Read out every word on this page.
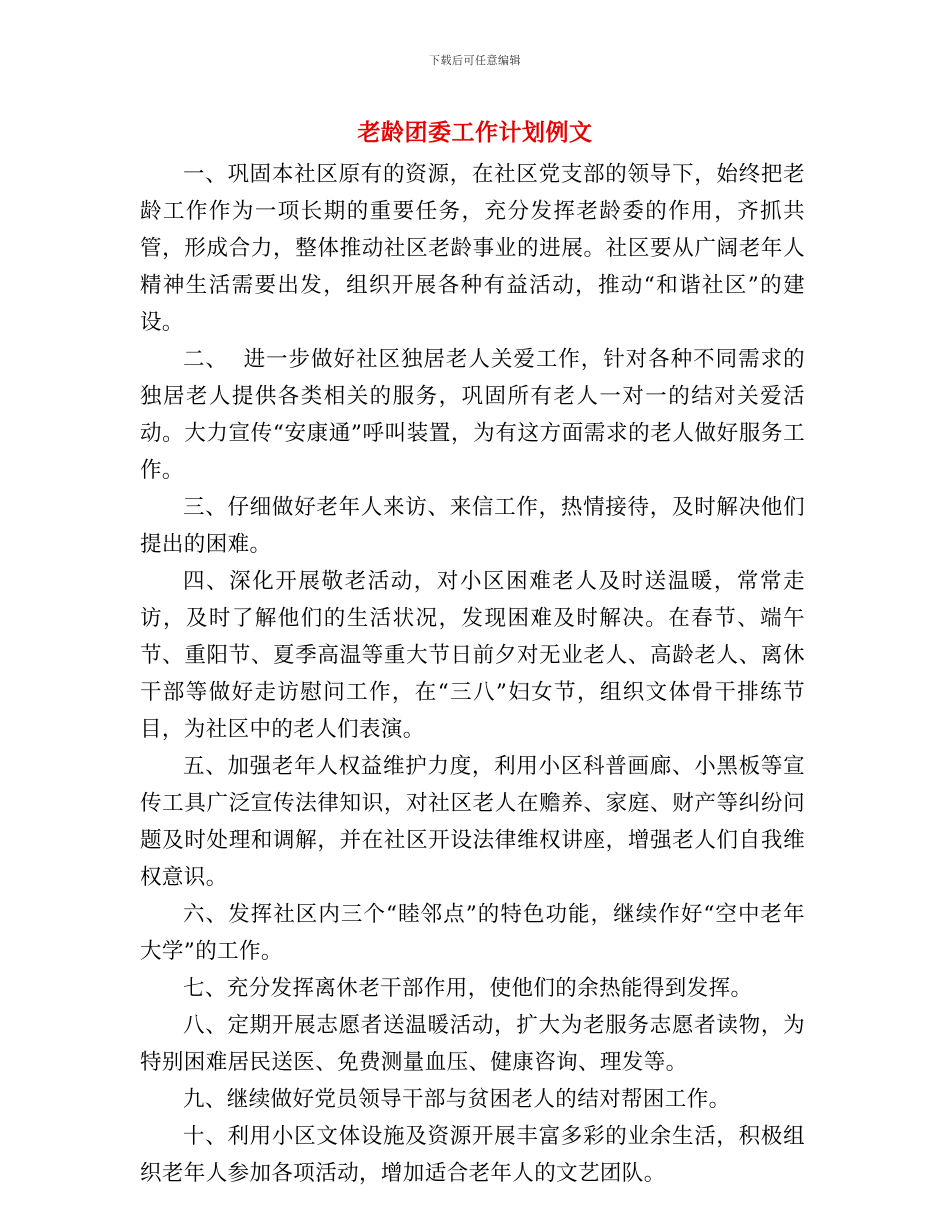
下载后可任意编辑
老龄团委工作计划例文

一、巩固本社区原有的资源，在社区党支部的领导下，始终把老龄工作作为一项长期的重要任务，充分发挥老龄委的作用，齐抓共管，形成合力，整体推动社区老龄事业的进展。社区要从广阔老年人精神生活需要出发，组织开展各种有益活动，推动“和谐社区”的建设。

二、  进一步做好社区独居老人关爱工作，针对各种不同需求的独居老人提供各类相关的服务，巩固所有老人一对一的结对关爱活动。大力宣传“安康通”呼叫装置，为有这方面需求的老人做好服务工作。

三、仔细做好老年人来访、来信工作，热情接待，及时解决他们提出的困难。

四、深化开展敬老活动，对小区困难老人及时送温暖，常常走访，及时了解他们的生活状况，发现困难及时解决。在春节、端午节、重阳节、夏季高温等重大节日前夕对无业老人、高龄老人、离休干部等做好走访慰问工作，在“三八”妇女节，组织文体骨干排练节目，为社区中的老人们表演。

五、加强老年人权益维护力度，利用小区科普画廊、小黑板等宣传工具广泛宣传法律知识，对社区老人在赡养、家庭、财产等纠纷问题及时处理和调解，并在社区开设法律维权讲座，增强老人们自我维权意识。

六、发挥社区内三个“睦邻点”的特色功能，继续作好“空中老年大学”的工作。

七、充分发挥离休老干部作用，使他们的余热能得到发挥。

八、定期开展志愿者送温暖活动，扩大为老服务志愿者读物，为特别困难居民送医、免费测量血压、健康咨询、理发等。

九、继续做好党员领导干部与贫困老人的结对帮困工作。

十、利用小区文体设施及资源开展丰富多彩的业余生活，积极组织老年人参加各项活动，增加适合老年人的文艺团队。
